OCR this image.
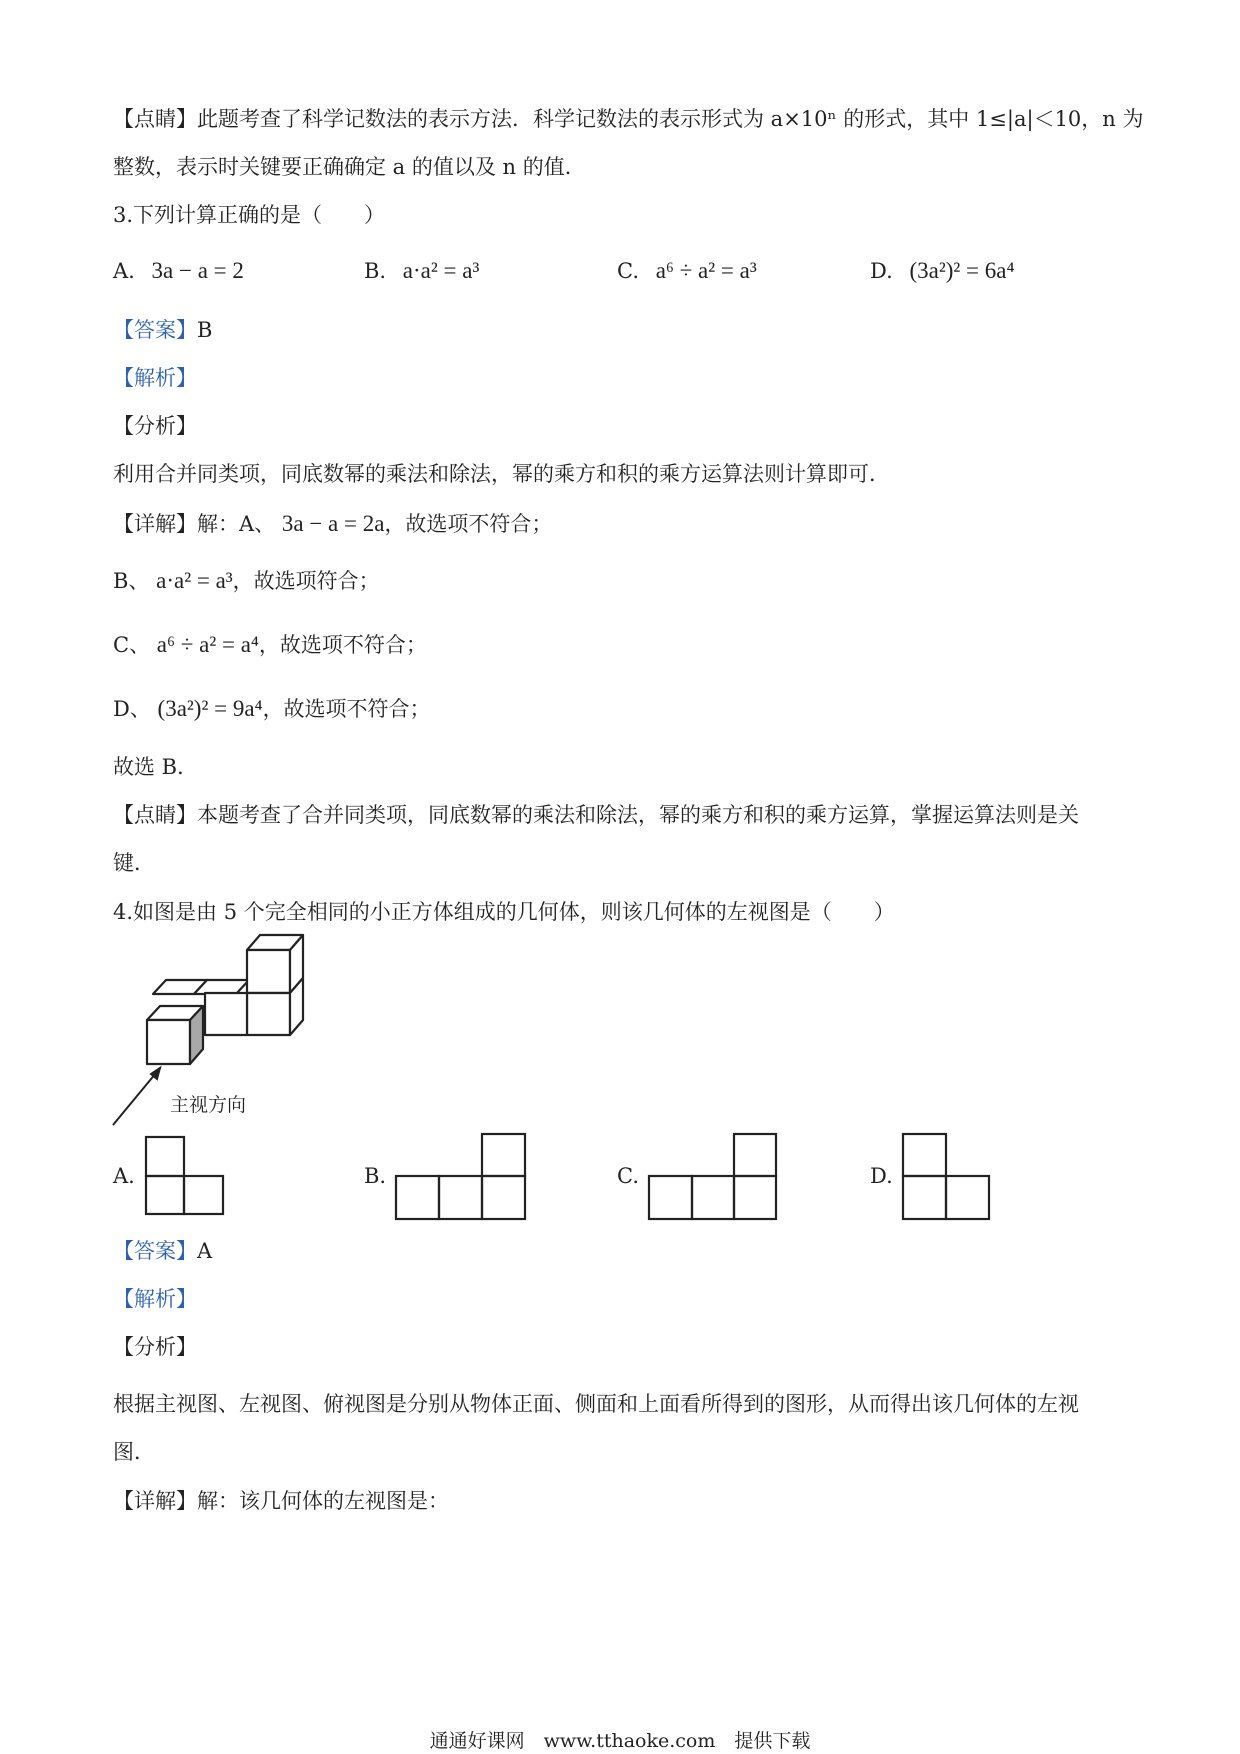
【点睛】此题考查了科学记数法的表示方法．科学记数法的表示形式为 a×10ⁿ 的形式，其中 1≤|a|＜10，n 为
整数，表示时关键要正确确定 a 的值以及 n 的值．
3.下列计算正确的是（　　）
A. 3a − a = 2	B. a·a² = a³	C. a⁶ ÷ a² = a³	D. (3a²)² = 6a⁴
【答案】B
【解析】
【分析】
利用合并同类项，同底数幂的乘法和除法，幂的乘方和积的乘方运算法则计算即可．
【详解】解：A、 3a − a = 2a，故选项不符合；
B、 a·a² = a³，故选项符合；
C、 a⁶ ÷ a² = a⁴，故选项不符合；
D、 (3a²)² = 9a⁴，故选项不符合；
故选 B．
【点睛】本题考查了合并同类项，同底数幂的乘法和除法，幂的乘方和积的乘方运算，掌握运算法则是关
键．
4.如图是由 5 个完全相同的小正方体组成的几何体，则该几何体的左视图是（　　）
主视方向
A.	B.	C.	D.
【答案】A
【解析】
【分析】
根据主视图、左视图、俯视图是分别从物体正面、侧面和上面看所得到的图形，从而得出该几何体的左视
图．
【详解】解：该几何体的左视图是：
通通好课网　www.tthaoke.com　提供下载
